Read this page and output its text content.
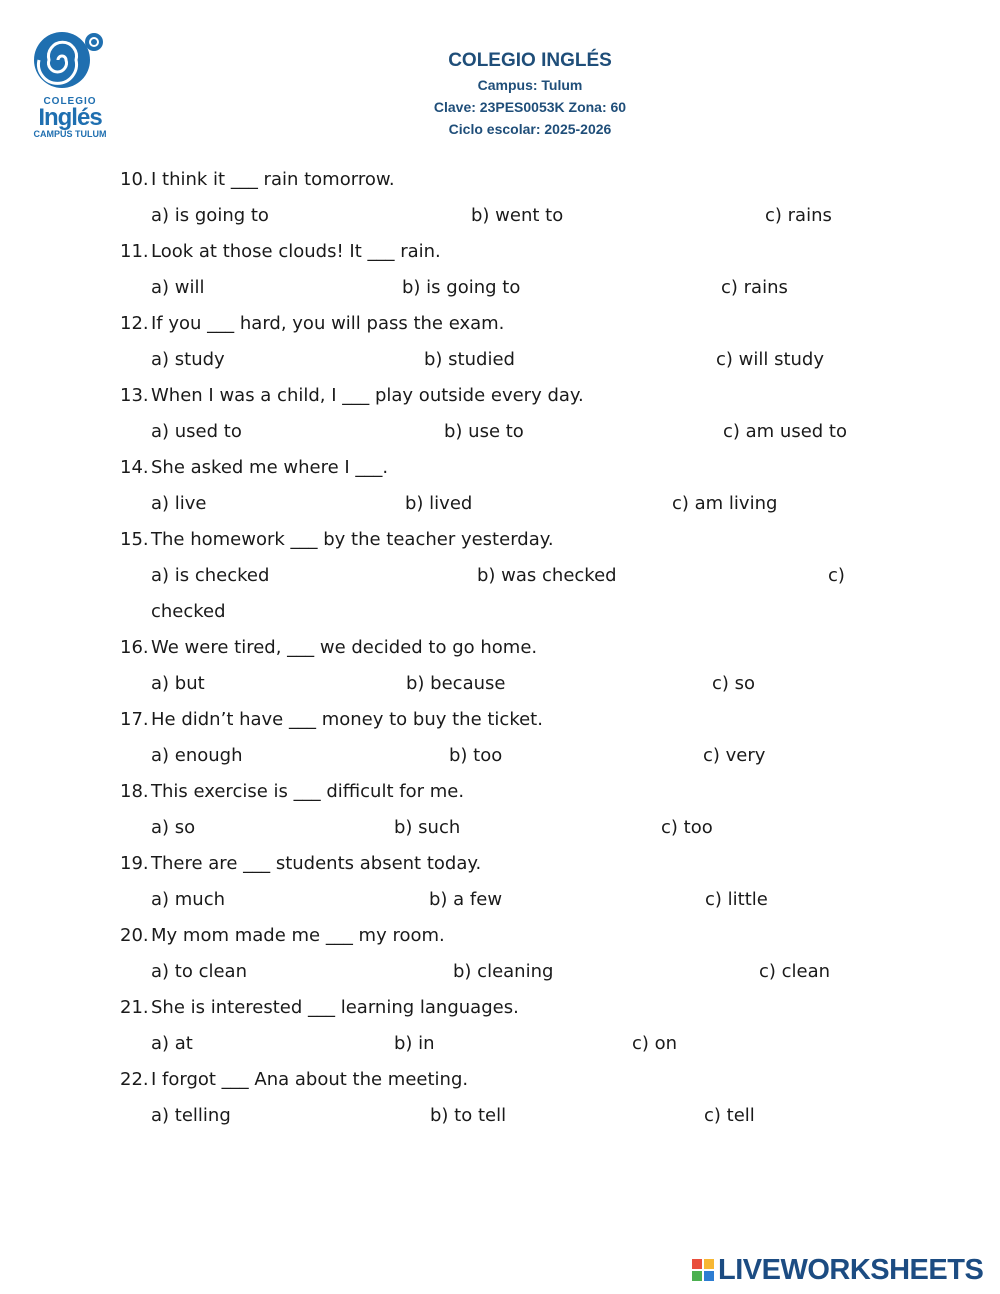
COLEGIO
Inglés
CAMPUS TULUM
COLEGIO INGLÉS
Campus: Tulum
Clave: 23PES0053K Zona: 60
Ciclo escolar: 2025-2026
10. I think it ___ rain tomorrow.
a) is going to	b) went to	c) rains
11. Look at those clouds! It ___ rain.
a) will	b) is going to	c) rains
12. If you ___ hard, you will pass the exam.
a) study	b) studied	c) will study
13. When I was a child, I ___ play outside every day.
a) used to	b) use to	c) am used to
14. She asked me where I ___.
a) live	b) lived	c) am living
15. The homework ___ by the teacher yesterday.
a) is checked	b) was checked	c)
checked
16. We were tired, ___ we decided to go home.
a) but	b) because	c) so
17. He didn’t have ___ money to buy the ticket.
a) enough	b) too	c) very
18. This exercise is ___ difficult for me.
a) so	b) such	c) too
19. There are ___ students absent today.
a) much	b) a few	c) little
20. My mom made me ___ my room.
a) to clean	b) cleaning	c) clean
21. She is interested ___ learning languages.
a) at	b) in	c) on
22. I forgot ___ Ana about the meeting.
a) telling	b) to tell	c) tell
LIVEWORKSHEETS
